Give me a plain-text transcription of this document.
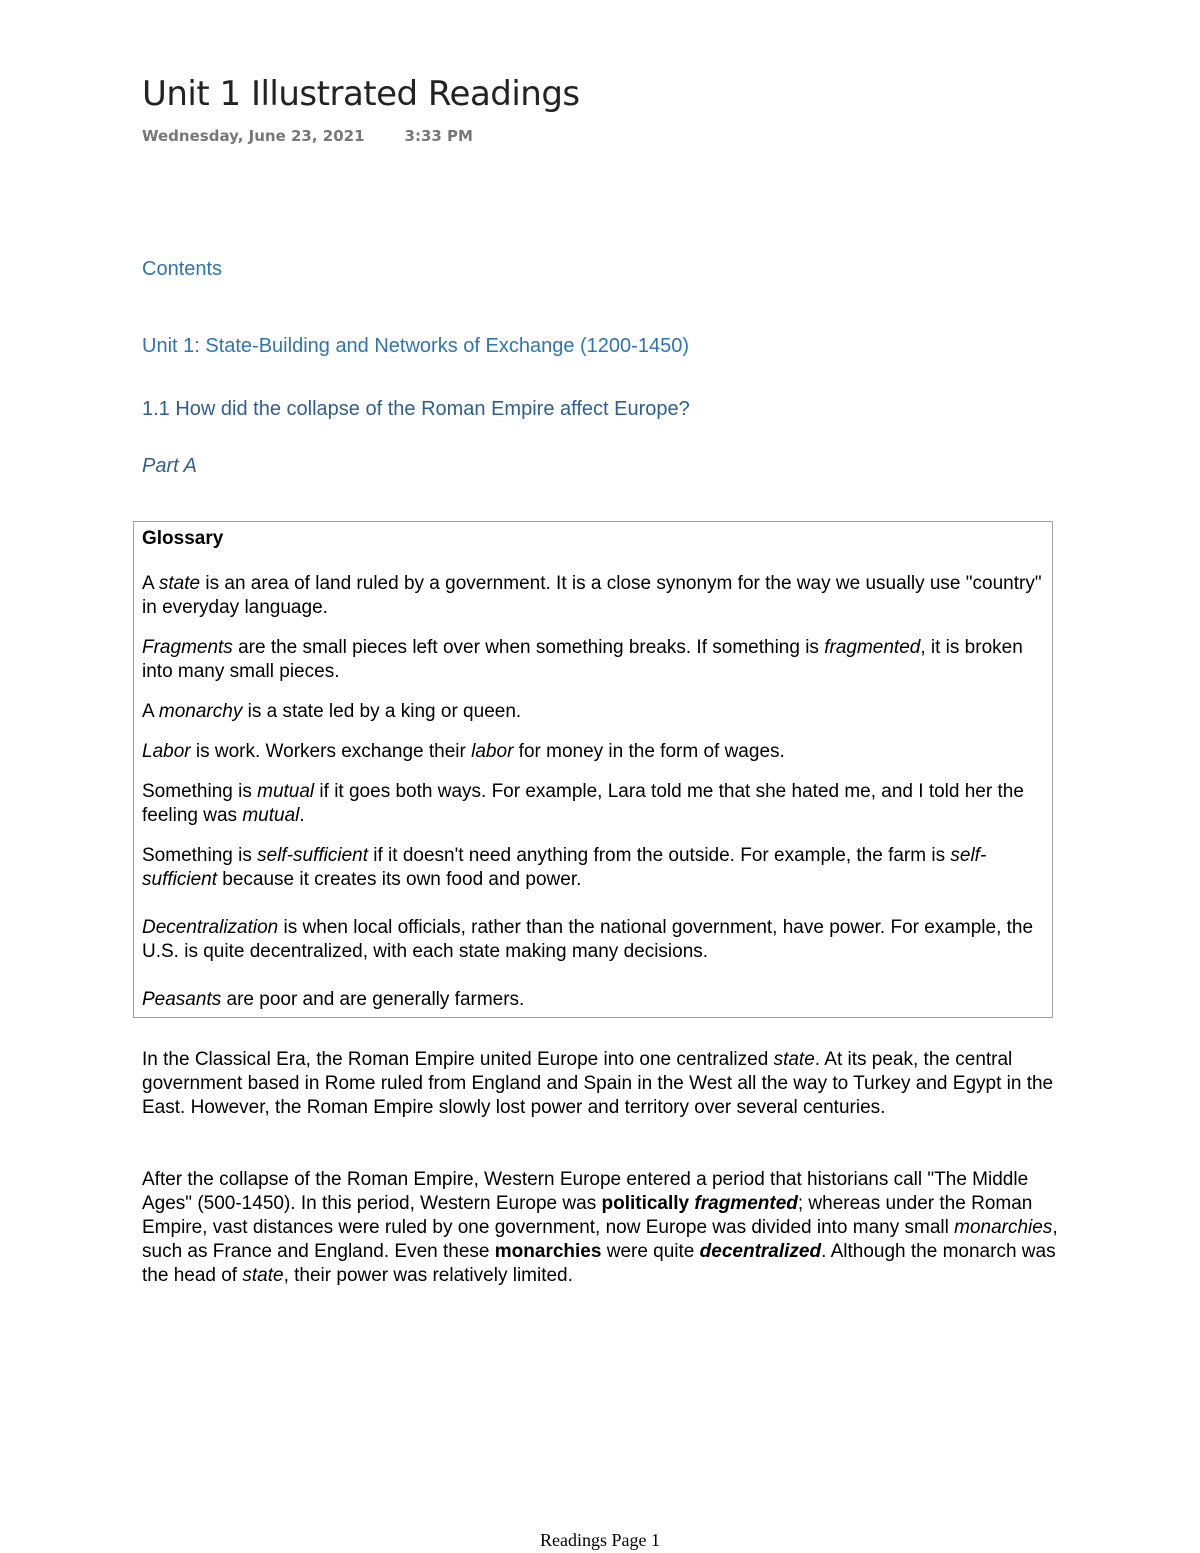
Unit 1 Illustrated Readings
Wednesday, June 23, 2021	3:33 PM
Contents
Unit 1: State-Building and Networks of Exchange (1200-1450)
1.1 How did the collapse of the Roman Empire affect Europe?
Part A

Glossary

A state is an area of land ruled by a government. It is a close synonym for the way we usually use "country" in everyday language.

Fragments are the small pieces left over when something breaks. If something is fragmented, it is broken into many small pieces.

A monarchy is a state led by a king or queen.

Labor is work. Workers exchange their labor for money in the form of wages.

Something is mutual if it goes both ways. For example, Lara told me that she hated me, and I told her the feeling was mutual.

Something is self-sufficient if it doesn't need anything from the outside. For example, the farm is self-sufficient because it creates its own food and power.

Decentralization is when local officials, rather than the national government, have power. For example, the U.S. is quite decentralized, with each state making many decisions.

Peasants are poor and are generally farmers.

In the Classical Era, the Roman Empire united Europe into one centralized state. At its peak, the central government based in Rome ruled from England and Spain in the West all the way to Turkey and Egypt in the East. However, the Roman Empire slowly lost power and territory over several centuries.

After the collapse of the Roman Empire, Western Europe entered a period that historians call "The Middle Ages" (500-1450). In this period, Western Europe was politically fragmented; whereas under the Roman Empire, vast distances were ruled by one government, now Europe was divided into many small monarchies, such as France and England. Even these monarchies were quite decentralized. Although the monarch was the head of state, their power was relatively limited.

Readings Page 1
